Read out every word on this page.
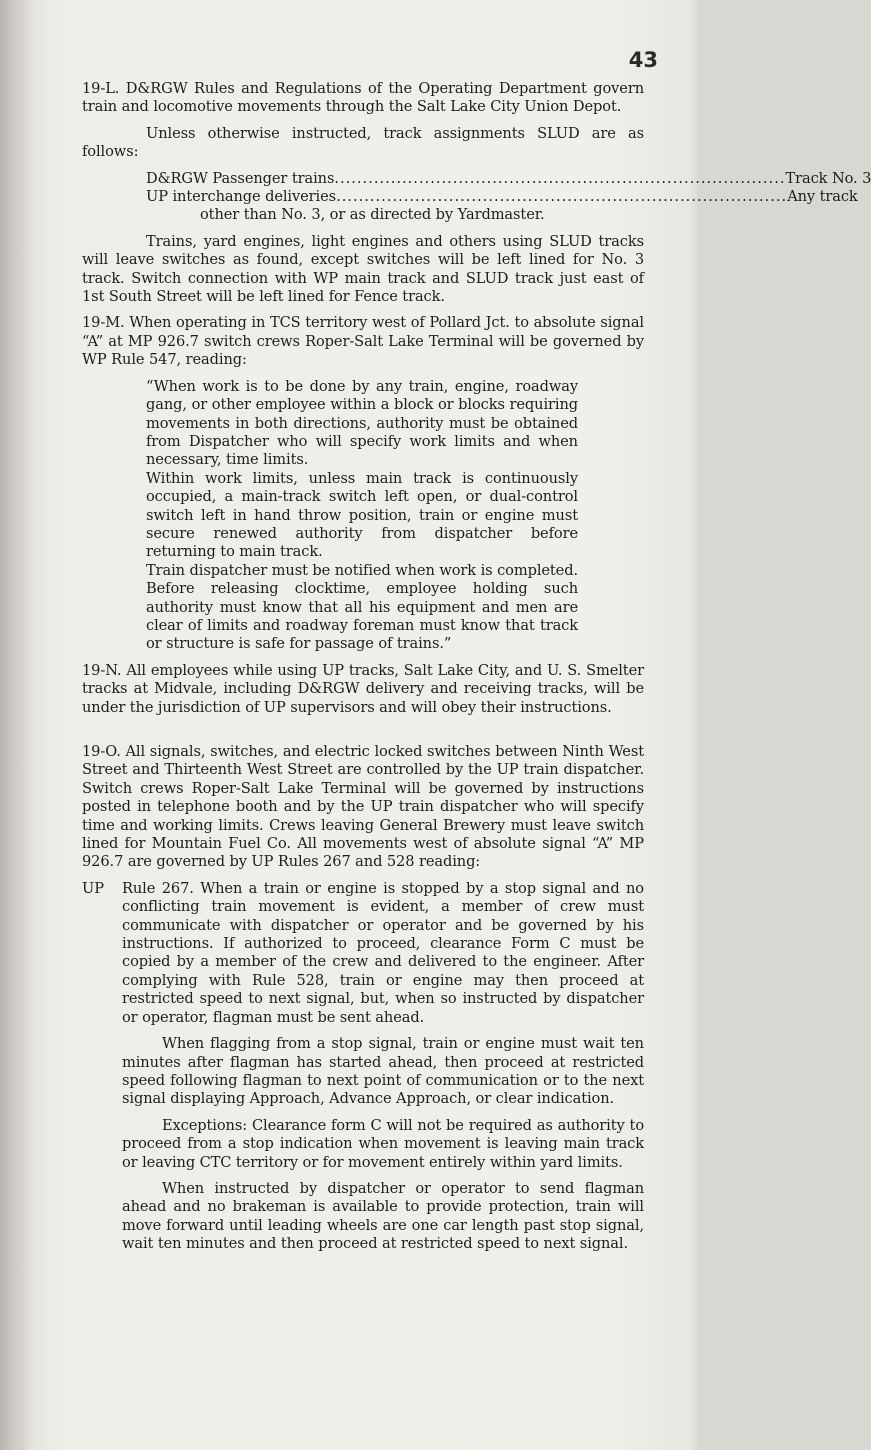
43

19-L. D&RGW Rules and Regulations of the Operating Department govern train and locomotive movements through the Salt Lake City Union Depot.

Unless otherwise instructed, track assignments SLUD are as follows:

D&RGW Passenger trains ................................................................................ Track No. 3
UP interchange deliveries ................................................................................ Any track

other than No. 3, or as directed by Yardmaster.

Trains, yard engines, light engines and others using SLUD tracks will leave switches as found, except switches will be left lined for No. 3 track. Switch connection with WP main track and SLUD track just east of 1st South Street will be left lined for Fence track.

19-M. When operating in TCS territory west of Pollard Jct. to absolute signal “A” at MP 926.7 switch crews Roper-Salt Lake Terminal will be governed by WP Rule 547, reading:

“When work is to be done by any train, engine, roadway gang, or other employee within a block or blocks requiring movements in both directions, authority must be obtained from Dispatcher who will specify work limits and when necessary, time limits.

Within work limits, unless main track is continuously occupied, a main-track switch left open, or dual-control switch left in hand throw position, train or engine must secure renewed authority from dispatcher before returning to main track.

Train dispatcher must be notified when work is completed. Before releasing clocktime, employee holding such authority must know that all his equipment and men are clear of limits and roadway foreman must know that track or structure is safe for passage of trains.”

19-N. All employees while using UP tracks, Salt Lake City, and U. S. Smelter tracks at Midvale, including D&RGW delivery and receiving tracks, will be under the jurisdiction of UP supervisors and will obey their instructions.

19-O. All signals, switches, and electric locked switches between Ninth West Street and Thirteenth West Street are controlled by the UP train dispatcher. Switch crews Roper-Salt Lake Terminal will be governed by instructions posted in telephone booth and by the UP train dispatcher who will specify time and working limits. Crews leaving General Brewery must leave switch lined for Mountain Fuel Co. All movements west of absolute signal “A” MP 926.7 are governed by UP Rules 267 and 528 reading:

UP	Rule 267. When a train or engine is stopped by a stop signal and no conflicting train movement is evident, a member of crew must communicate with dispatcher or operator and be governed by his instructions. If authorized to proceed, clearance Form C must be copied by a member of the crew and delivered to the engineer. After complying with Rule 528, train or engine may then proceed at restricted speed to next signal, but, when so instructed by dispatcher or operator, flagman must be sent ahead.

When flagging from a stop signal, train or engine must wait ten minutes after flagman has started ahead, then proceed at restricted speed following flagman to next point of communication or to the next signal displaying Approach, Advance Approach, or clear indication.

Exceptions: Clearance form C will not be required as authority to proceed from a stop indication when movement is leaving main track or leaving CTC territory or for movement entirely within yard limits.

When instructed by dispatcher or operator to send flagman ahead and no brakeman is available to provide protection, train will move forward until leading wheels are one car length past stop signal, wait ten minutes and then proceed at restricted speed to next signal.
